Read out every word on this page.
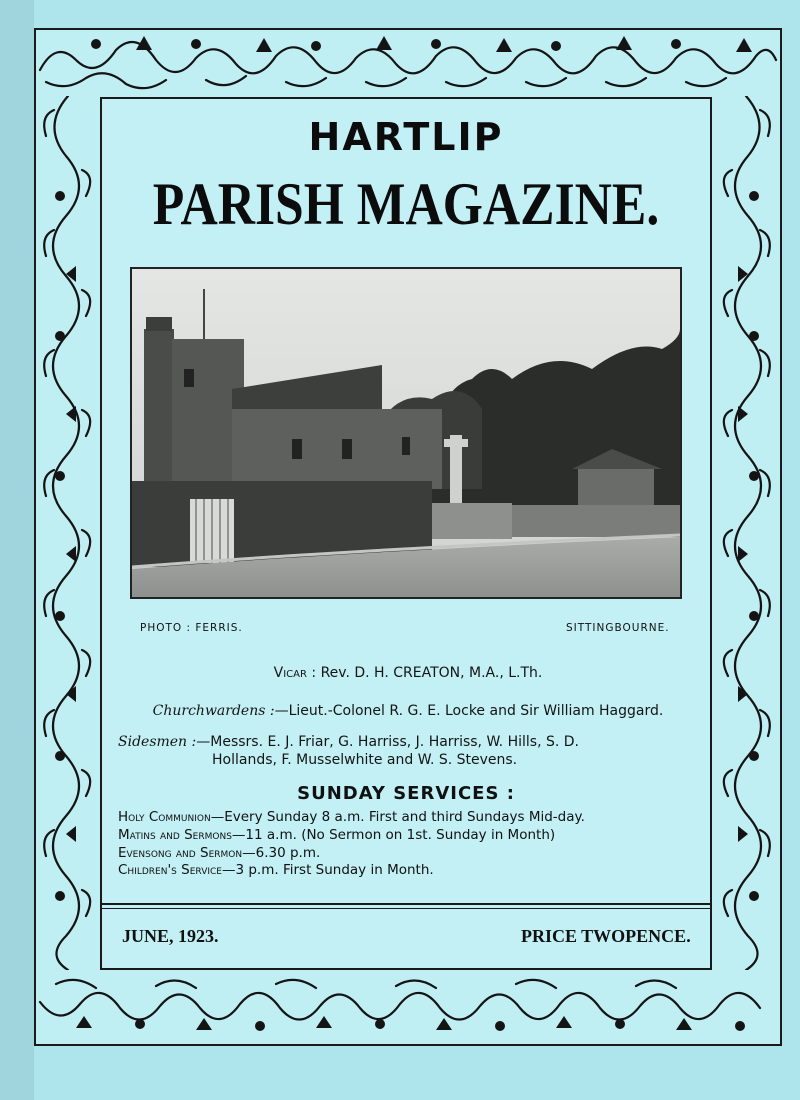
HARTLIP
PARISH MAGAZINE.
PHOTO : FERRIS.	SITTINGBOURNE.
Vicar : Rev. D. H. CREATON, M.A., L.Th.
Churchwardens :—Lieut.-Colonel R. G. E. Locke and Sir William Haggard.
Sidesmen :—Messrs. E. J. Friar, G. Harriss, J. Harriss, W. Hills, S. D.
Hollands, F. Musselwhite and W. S. Stevens.
SUNDAY SERVICES :
Holy Communion—Every Sunday 8 a.m. First and third Sundays Mid-day.
Matins and Sermons—11 a.m. (No Sermon on 1st. Sunday in Month)
Evensong and Sermon—6.30 p.m.
Children's Service—3 p.m. First Sunday in Month.
JUNE, 1923.	PRICE TWOPENCE.
